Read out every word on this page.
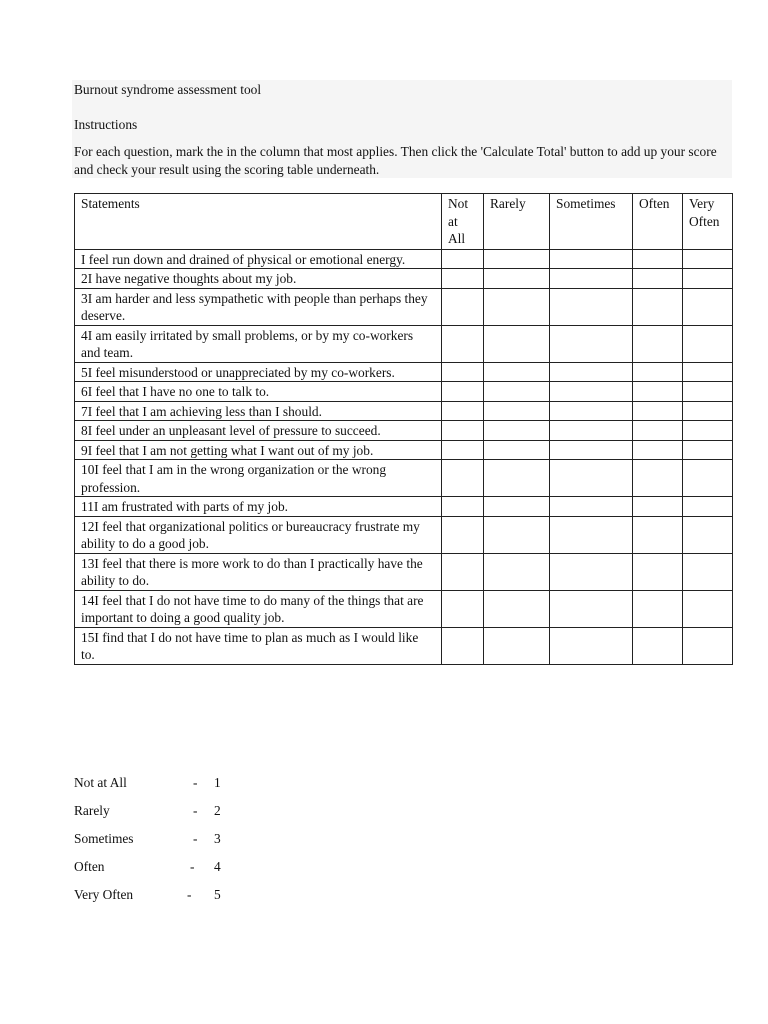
Burnout syndrome assessment tool
Instructions
For each question, mark the in the column that most applies. Then click the 'Calculate Total' button to add up your score and check your result using the scoring table underneath.
Statements	Not at All	Rarely	Sometimes	Often	Very Often
I feel run down and drained of physical or emotional energy.					
2I have negative thoughts about my job.					
3I am harder and less sympathetic with people than perhaps they deserve.					
4I am easily irritated by small problems, or by my co-workers and team.					
5I feel misunderstood or unappreciated by my co-workers.					
6I feel that I have no one to talk to.					
7I feel that I am achieving less than I should.					
8I feel under an unpleasant level of pressure to succeed.					
9I feel that I am not getting what I want out of my job.					
10I feel that I am in the wrong organization or the wrong profession.					
11I am frustrated with parts of my job.					
12I feel that organizational politics or bureaucracy frustrate my ability to do a good job.					
13I feel that there is more work to do than I practically have the ability to do.					
14I feel that I do not have time to do many of the things that are important to doing a good quality job.					
15I find that I do not have time to plan as much as I would like to.					
Not at All	- 1
Rarely	- 2
Sometimes	- 3
Often	- 4
Very Often	- 5
